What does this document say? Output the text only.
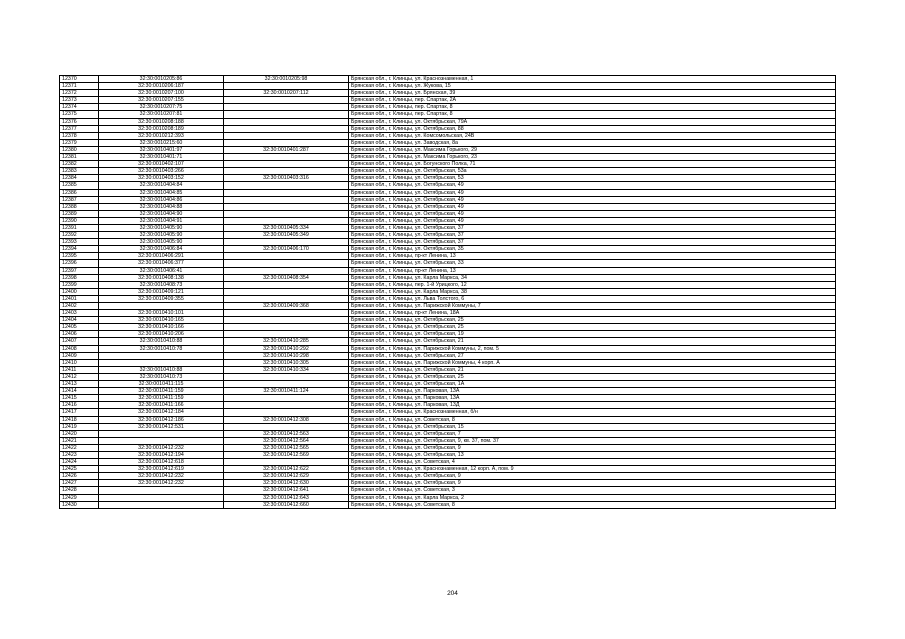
12370	32:30:0010205:86	32:30:0010205:98	Брянская обл., г. Клинцы, ул. Краснознаменная, 1
12371	32:30:0010206:187		Брянская обл., г. Клинцы, ул. Жукова, 15
12372	32:30:0010207:100	32:30:0010207:112	Брянская обл., г. Клинцы, ул. Брянская, 39
12373	32:30:0010207:155		Брянская обл., г. Клинцы, пер. Спартак, 2А
12374	32:30:0010207:75		Брянская обл., г. Клинцы, пер. Спартак, 8
12375	32:30:0010207:81		Брянская обл., г. Клинцы, пер. Спартак, 8
12376	32:30:0010208:188		Брянская обл., г. Клинцы, ул. Октябрьская, 79А
12377	32:30:0010208:189		Брянская обл., г. Клинцы, ул. Октябрьская, 88
12378	32:30:0010212:393		Брянская обл., г. Клинцы, ул. Комсомольская, 24В
12379	32:30:0010215:60		Брянская обл., г. Клинцы, ул. Заводская, 8а
12380	32:30:0010401:97	32:30:0010401:287	Брянская обл., г. Клинцы, ул. Максима Горького, 29
12381	32:30:0010401:71		Брянская обл., г. Клинцы, ул. Максима Горького, 23
12382	32:30:0010402:107		Брянская обл., г. Клинцы, ул. Богунского Полка, 71
12383	32:30:0010403:266		Брянская обл., г. Клинцы, ул. Октябрьская, 53а
12384	32:30:0010403:152	32:30:0010403:316	Брянская обл., г. Клинцы, ул. Октябрьская, 53
12385	32:30:0010404:84		Брянская обл., г. Клинцы, ул. Октябрьская, 49
12386	32:30:0010404:85		Брянская обл., г. Клинцы, ул. Октябрьская, 49
12387	32:30:0010404:86		Брянская обл., г. Клинцы, ул. Октябрьская, 49
12388	32:30:0010404:88		Брянская обл., г. Клинцы, ул. Октябрьская, 49
12389	32:30:0010404:90		Брянская обл., г. Клинцы, ул. Октябрьская, 49
12390	32:30:0010404:91		Брянская обл., г. Клинцы, ул. Октябрьская, 49
12391	32:30:0010405:90	32:30:0010405:334	Брянская обл., г. Клинцы, ул. Октябрьская, 37
12392	32:30:0010405:90	32:30:0010405:349	Брянская обл., г. Клинцы, ул. Октябрьская, 37
12393	32:30:0010405:90		Брянская обл., г. Клинцы, ул. Октябрьская, 37
12394	32:30:0010406:84	32:30:0010406:170	Брянская обл., г. Клинцы, ул. Октябрьская, 35
12395	32:30:0010406:291		Брянская обл., г. Клинцы, пр-кт Ленина, 13
12396	32:30:0010406:377		Брянская обл., г. Клинцы, ул. Октябрьская, 33
12397	32:30:0010406:41		Брянская обл., г. Клинцы, пр-кт Ленина, 13
12398	32:30:0010408:138	32:30:0010408:354	Брянская обл., г. Клинцы, ул. Карла Маркса, 34
12399	32:30:0010408:73		Брянская обл., г. Клинцы, пер. 1-й Урицкого, 12
12400	32:30:0010409:121		Брянская обл., г. Клинцы, ул. Карла Маркса, 38
12401	32:30:0010409:355		Брянская обл., г. Клинцы, ул. Льва Толстого, 6
12402		32:30:0010409:368	Брянская обл., г. Клинцы, ул. Парижской Коммуны, 7
12403	32:30:0010410:101		Брянская обл., г. Клинцы, пр-кт Ленина, 18А
12404	32:30:0010410:165		Брянская обл., г. Клинцы, ул. Октябрьская, 25
12405	32:30:0010410:166		Брянская обл., г. Клинцы, ул. Октябрьская, 25
12406	32:30:0010410:206		Брянская обл., г. Клинцы, ул. Октябрьская, 19
12407	32:30:0010410:88	32:30:0010410:285	Брянская обл., г. Клинцы, ул. Октябрьская, 21
12408	32:30:0010410:78	32:30:0010410:292	Брянская обл., г. Клинцы, ул. Парижской Коммуны, 2, пом. 5
12409		32:30:0010410:298	Брянская обл., г. Клинцы, ул. Октябрьская, 27
12410		32:30:0010410:305	Брянская обл., г. Клинцы, ул. Парижской Коммуны, 4 корп. А
12411	32:30:0010410:88	32:30:0010410:334	Брянская обл., г. Клинцы, ул. Октябрьская, 21
12412	32:30:0010410:73		Брянская обл., г. Клинцы, ул. Октябрьская, 25
12413	32:30:0010411:115		Брянская обл., г. Клинцы, ул. Октябрьская, 1А
12414	32:30:0010411:159	32:30:0010411:124	Брянская обл., г. Клинцы, ул. Парковая, 13А
12415	32:30:0010411:159		Брянская обл., г. Клинцы, ул. Парковая, 13А
12416	32:30:0010411:166		Брянская обл., г. Клинцы, ул. Парковая, 13Д
12417	32:30:0010412:184		Брянская обл., г. Клинцы, ул. Краснознаменная, б/н
12418	32:30:0010412:186	32:30:0010412:308	Брянская обл., г. Клинцы, ул. Советская, 8
12419	32:30:0010412:531		Брянская обл., г. Клинцы, ул. Октябрьская, 15
12420		32:30:0010412:563	Брянская обл., г. Клинцы, ул. Октябрьская, 7
12421		32:30:0010412:564	Брянская обл., г. Клинцы, ул. Октябрьская, 9, кв. 37, пом. 37
12422	32:30:0010412:232	32:30:0010412:565	Брянская обл., г. Клинцы, ул. Октябрьская, 9
12423	32:30:0010412:194	32:30:0010412:569	Брянская обл., г. Клинцы, ул. Октябрьская, 13
12424	32:30:0010412:618		Брянская обл., г. Клинцы, ул. Советская, 4
12425	32:30:0010412:619	32:30:0010412:622	Брянская обл., г. Клинцы, ул. Краснознаменная, 12 корп. А, пом. 9
12426	32:30:0010412:232	32:30:0010412:629	Брянская обл., г. Клинцы, ул. Октябрьская, 9
12427	32:30:0010412:232	32:30:0010412:630	Брянская обл., г. Клинцы, ул. Октябрьская, 9
12428		32:30:0010412:641	Брянская обл., г. Клинцы, ул. Советская, 3
12429		32:30:0010412:643	Брянская обл., г. Клинцы, ул. Карла Маркса, 2
12430		32:30:0010412:660	Брянская обл., г. Клинцы, ул. Советская, 8
204
